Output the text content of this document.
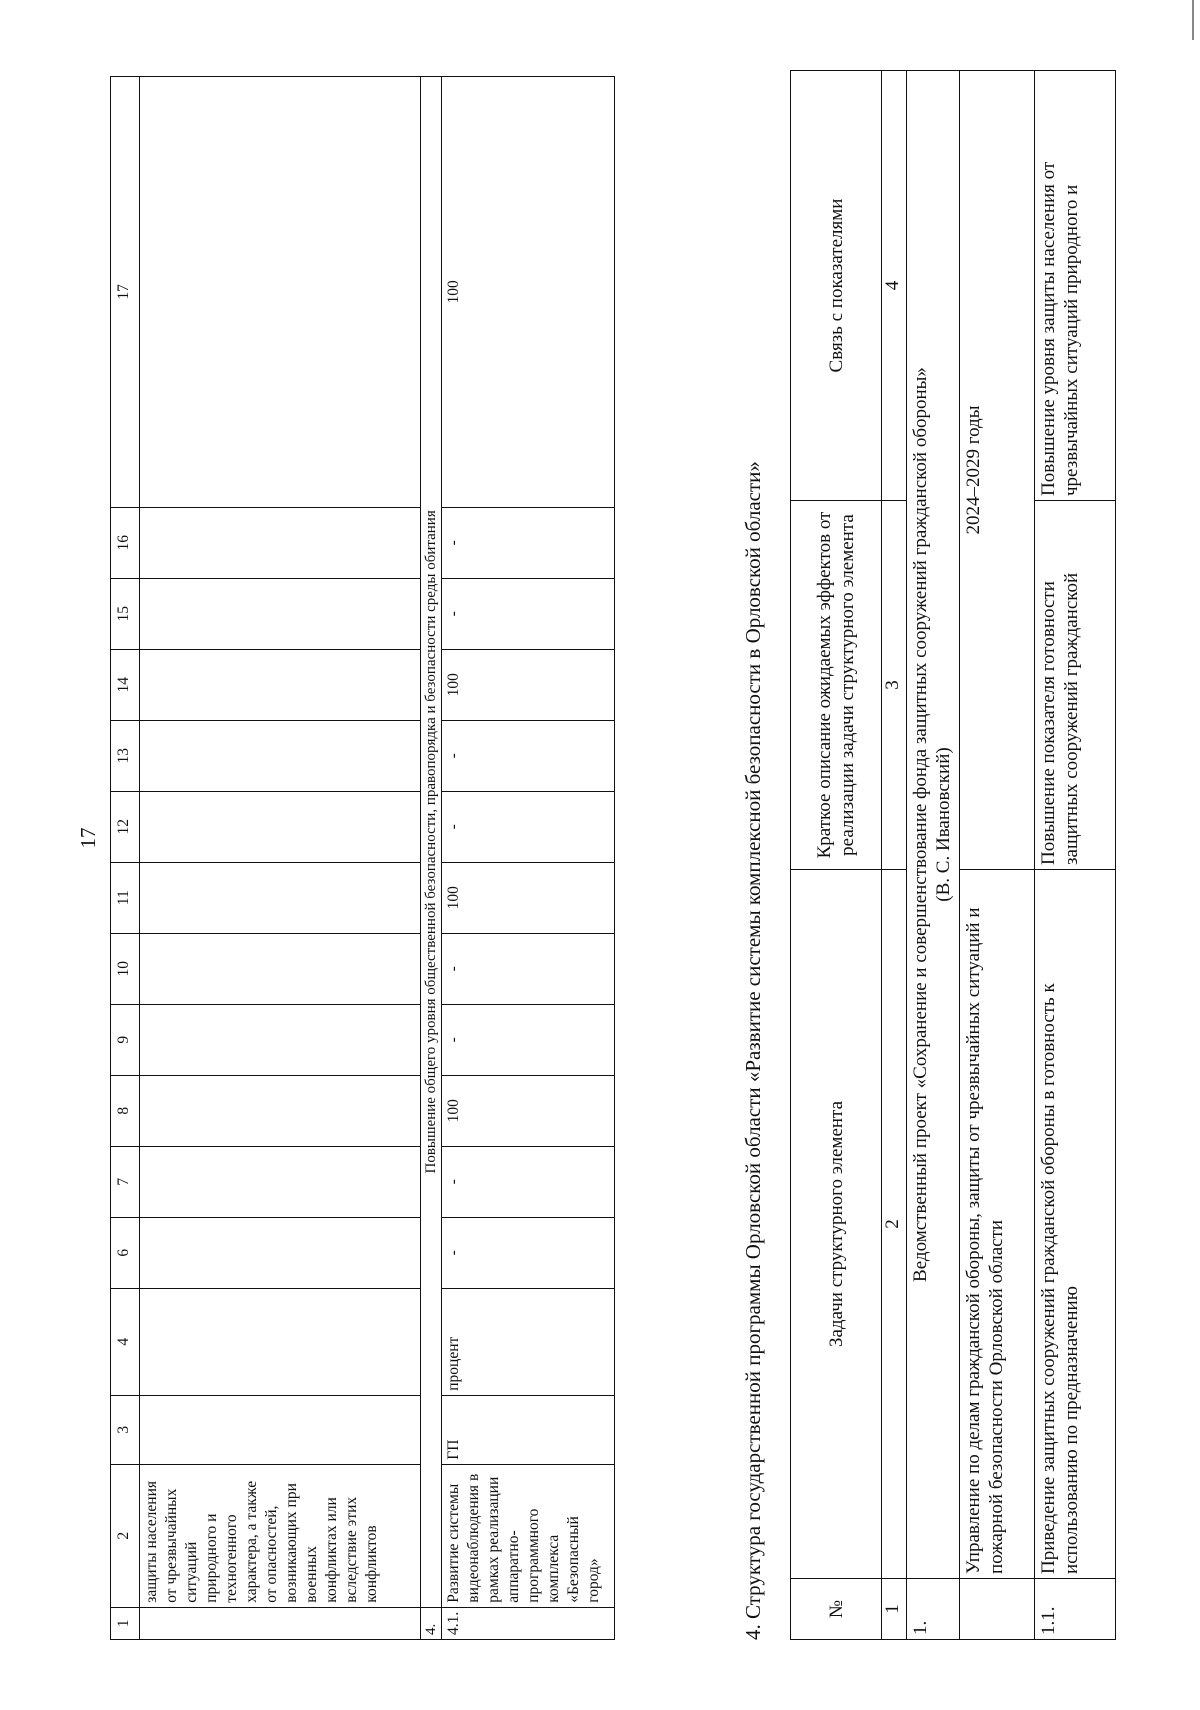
17
1	2	3	4	6	7	8	9	10	11	12	13	14	15	16	17
	защиты населения от чрезвычайных ситуаций природного и техногенного характера, а также от опасностей, возникающих при военных конфликтах или вследствие этих конфликтов														
4.	Повышение общего уровня общественной безопасности, правопорядка и безопасности среды обитания														
4.1.	Развитие системы видеонаблюдения в рамках реализации аппаратно-программного комплекса «Безопасный город»	ГП	процент	-	-	100	-	-	100	-	-	100	-	-	100
4. Структура государственной программы Орловской области «Развитие системы комплексной безопасности в Орловской области»	№	Задачи структурного элемента	Краткое описание ожидаемых эффектов от реализации задачи структурного элемента	Связь с показателями
1	2	3	4
1.	Ведомственный проект «Сохранение и совершенствование фонда защитных сооружений гражданской обороны» (В. С. Ивановский)		

	Управление по делам гражданской обороны, защиты от чрезвычайных ситуаций и пожарной безопасности Орловской области	2024–2029 годы	
1.1.	Приведение защитных сооружений гражданской обороны в готовность к использованию по предназначению	Повышение показателя готовности защитных сооружений гражданской	Повышение уровня защиты населения от чрезвычайных ситуаций природного и
